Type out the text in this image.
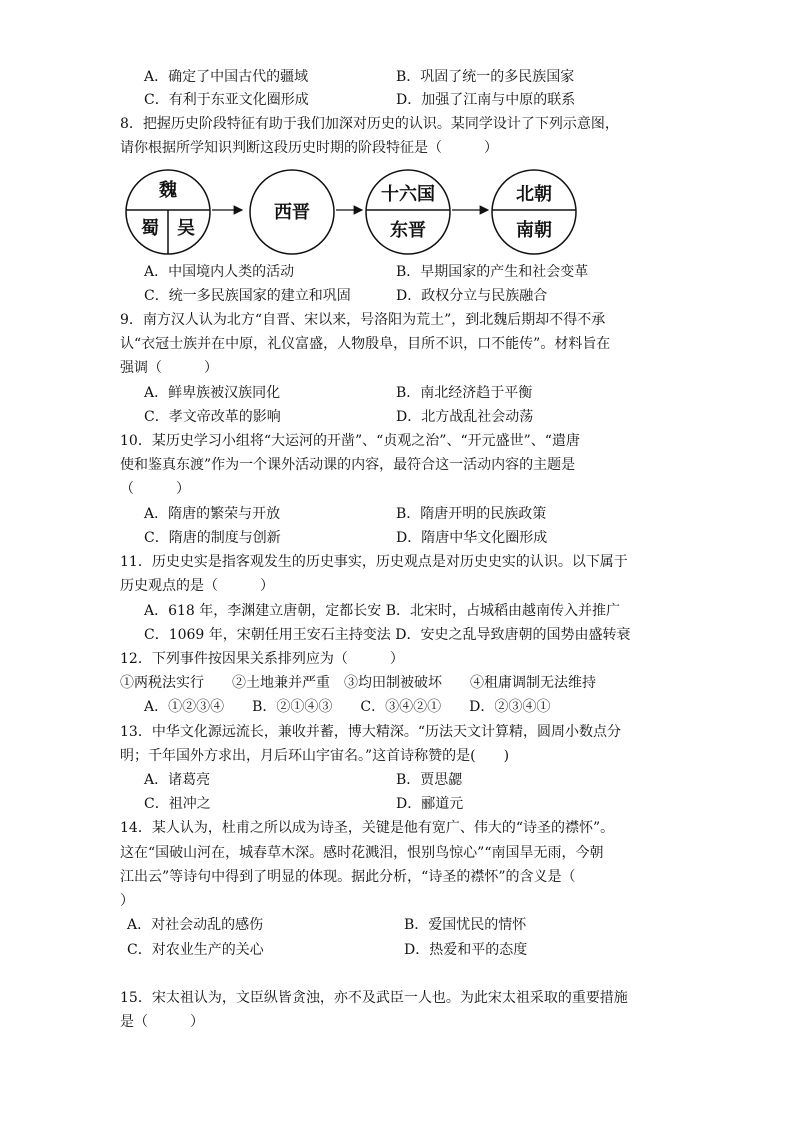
A．确定了中国古代的疆域	B．巩固了统一的多民族国家
C．有利于东亚文化圈形成	D．加强了江南与中原的联系
8．把握历史阶段特征有助于我们加深对历史的认识。某同学设计了下列示意图，
请你根据所学知识判断这段历史时期的阶段特征是（　　　）
魏
蜀 吴
西晋
十六国
东晋
北朝
南朝
A．中国境内人类的活动	B．早期国家的产生和社会变革
C．统一多民族国家的建立和巩固	D．政权分立与民族融合
9．南方汉人认为北方“自晋、宋以来，号洛阳为荒土”，到北魏后期却不得不承
认“衣冠士族并在中原，礼仪富盛，人物殷阜，目所不识，口不能传”。材料旨在
强调（　　　）
A．鲜卑族被汉族同化	B．南北经济趋于平衡
C．孝文帝改革的影响	D．北方战乱社会动荡
10．某历史学习小组将“大运河的开凿”、“贞观之治”、“开元盛世”、“遣唐
使和鉴真东渡”作为一个课外活动课的内容，最符合这一活动内容的主题是
（　　　）
A．隋唐的繁荣与开放	B．隋唐开明的民族政策
C．隋唐的制度与创新	D．隋唐中华文化圈形成
11．历史史实是指客观发生的历史事实，历史观点是对历史史实的认识。以下属于
历史观点的是（　　　）
A．618 年，李渊建立唐朝，定都长安 B．北宋时，占城稻由越南传入并推广
C．1069 年，宋朝任用王安石主持变法 D．安史之乱导致唐朝的国势由盛转衰
12．下列事件按因果关系排列应为（　　　）
①两税法实行　　②土地兼并严重　③均田制被破坏　　④租庸调制无法维持
A．①②③④　　B．②①④③　　C．③④②①　　D．②③④①
13．中华文化源远流长，兼收并蓄，博大精深。“历法天文计算精，圆周小数点分
明；千年国外方求出，月后环山宇宙名。”这首诗称赞的是(　　)
A．诸葛亮	B．贾思勰
C．祖冲之	D．郦道元
14．某人认为，杜甫之所以成为诗圣，关键是他有宽广、伟大的“诗圣的襟怀”。
这在“国破山河在，城春草木深。感时花溅泪，恨别鸟惊心”“南国旱无雨，今朝
江出云”等诗句中得到了明显的体现。据此分析，“诗圣的襟怀”的含义是（
）
A．对社会动乱的感伤	B．爱国忧民的情怀
C．对农业生产的关心	D．热爱和平的态度
15．宋太祖认为，文臣纵皆贪浊，亦不及武臣一人也。为此宋太祖采取的重要措施
是（　　　）
